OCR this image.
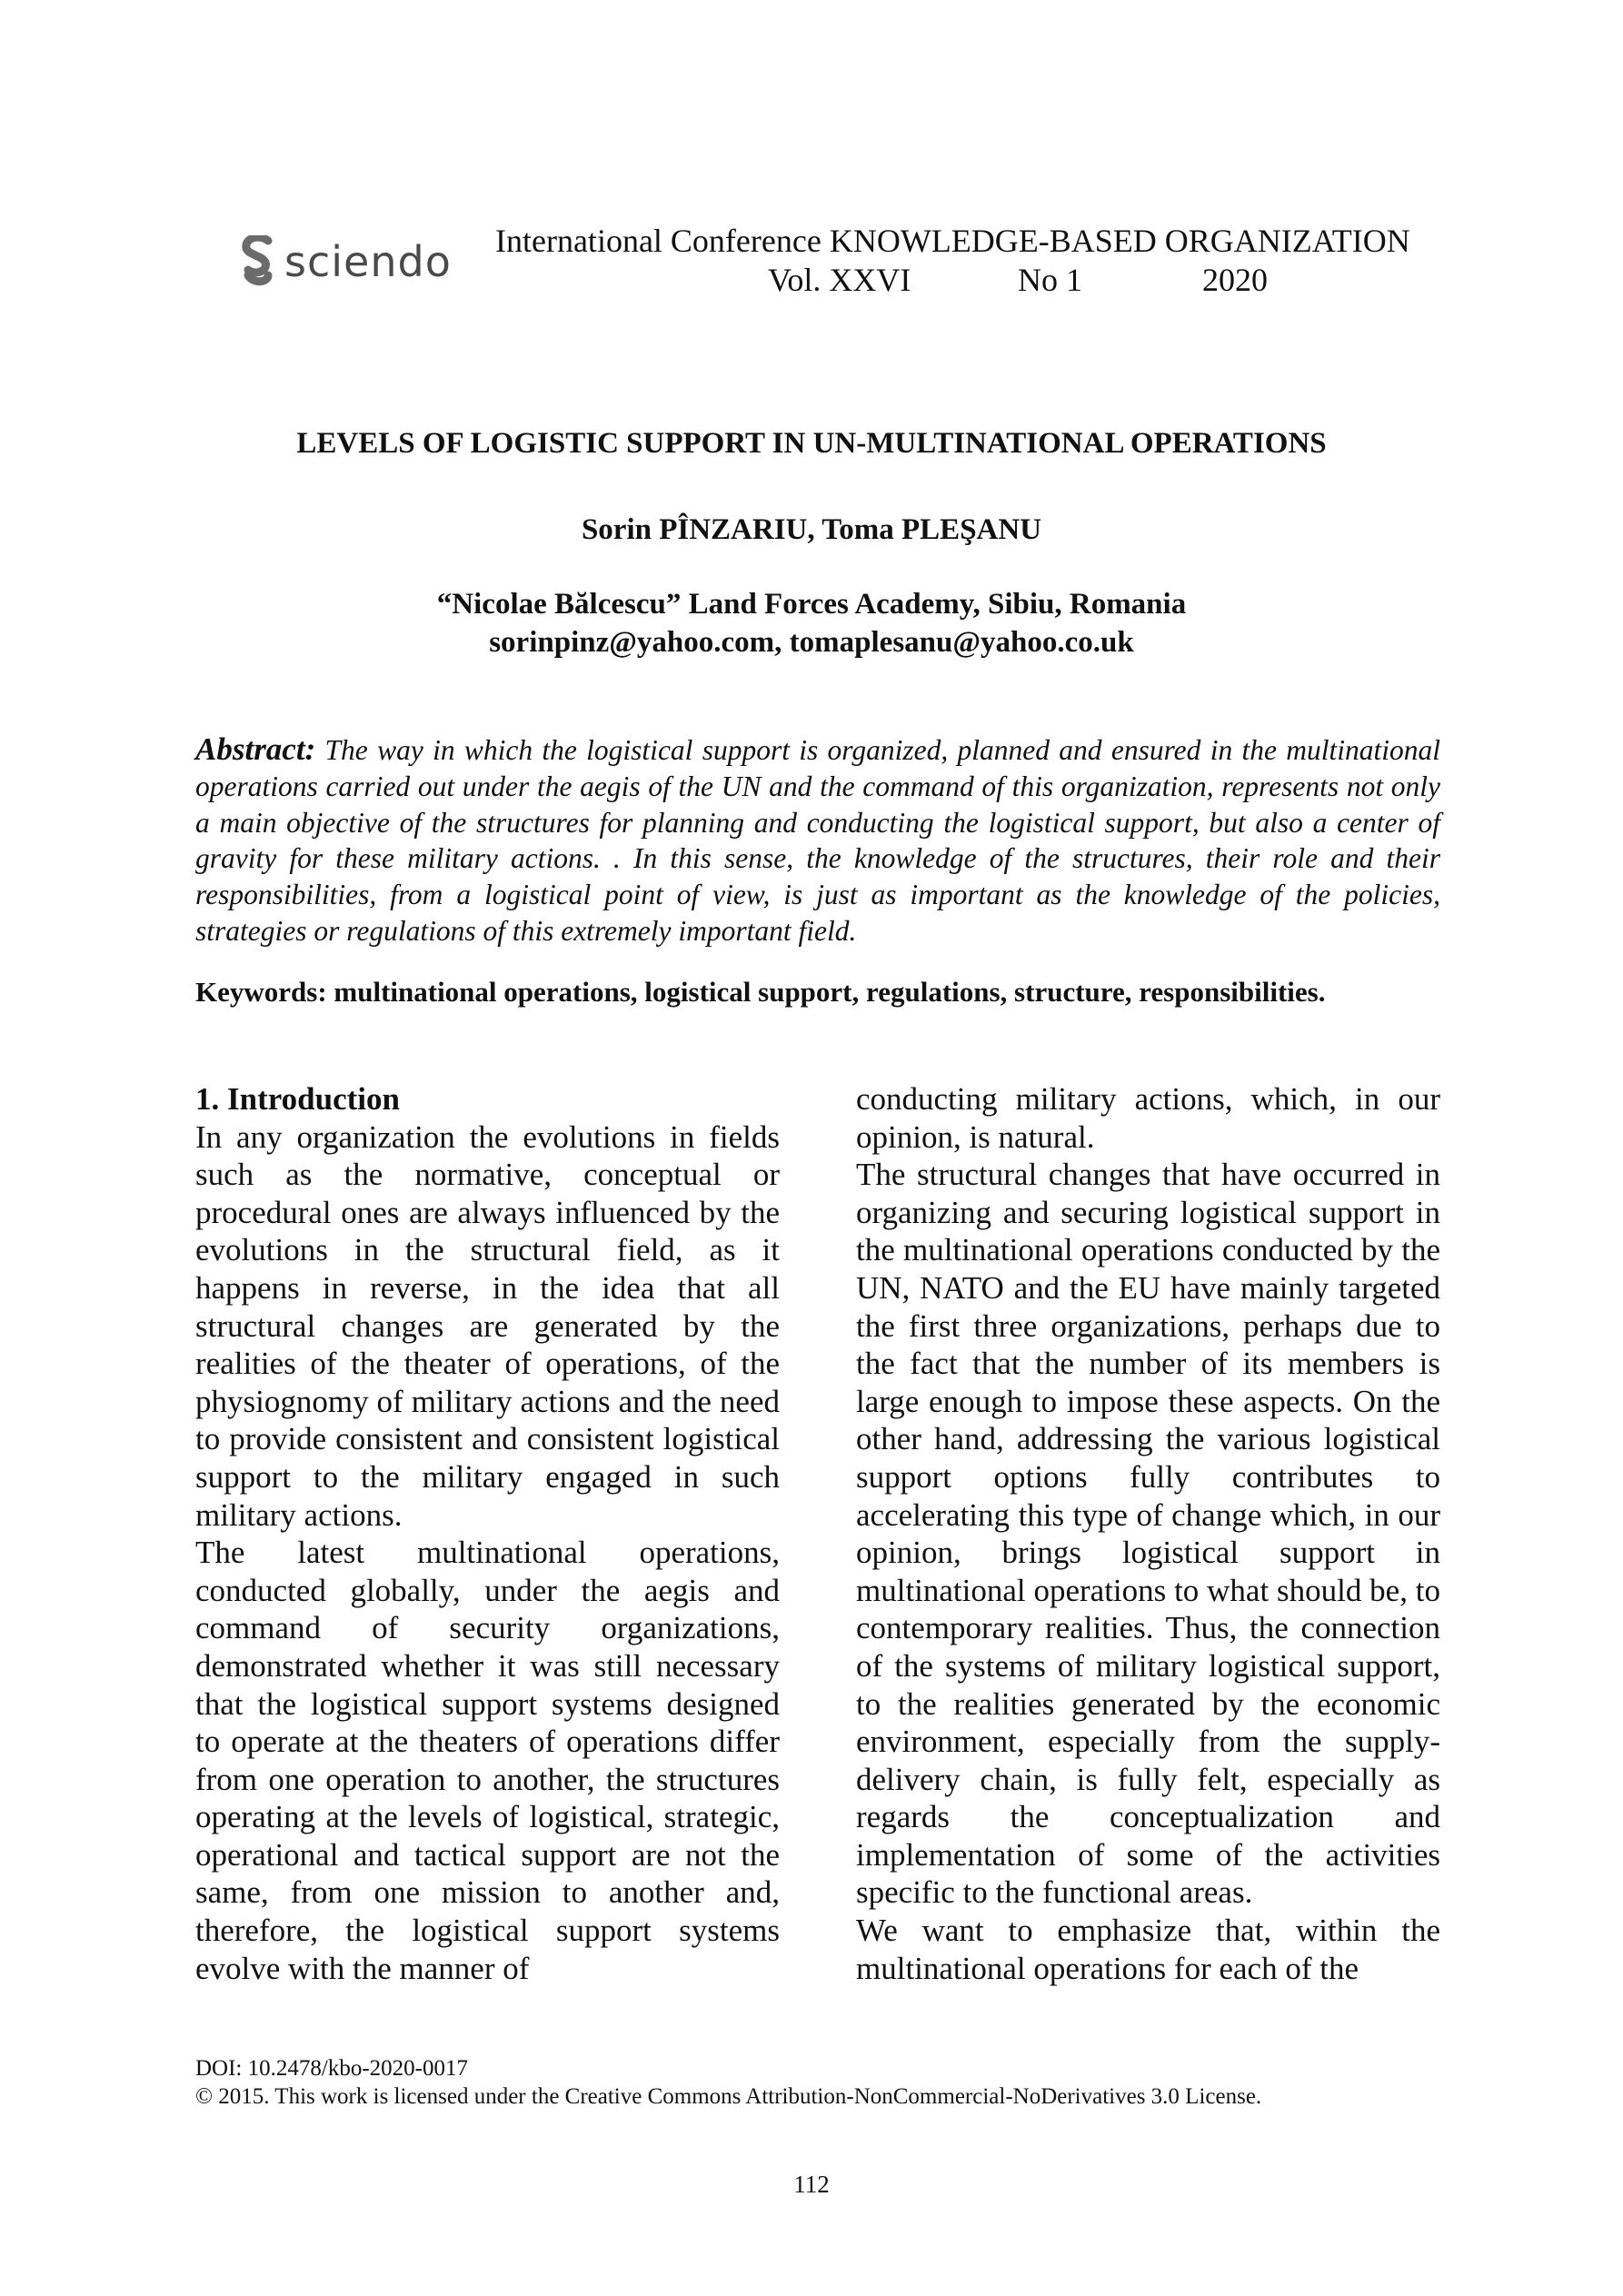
sciendo International Conference KNOWLEDGE-BASED ORGANIZATION
Vol. XXVI	No 1	2020
LEVELS OF LOGISTIC SUPPORT IN UN-MULTINATIONAL OPERATIONS
Sorin PÎNZARIU, Toma PLEŞANU
“Nicolae Bălcescu” Land Forces Academy, Sibiu, Romania
sorinpinz@yahoo.com, tomaplesanu@yahoo.co.uk
Abstract: The way in which the logistical support is organized, planned and ensured in the multinational operations carried out under the aegis of the UN and the command of this organization, represents not only a main objective of the structures for planning and conducting the logistical support, but also a center of gravity for these military actions. . In this sense, the knowledge of the structures, their role and their responsibilities, from a logistical point of view, is just as important as the knowledge of the policies, strategies or regulations of this extremely important field.
Keywords: multinational operations, logistical support, regulations, structure, responsibilities.
1. Introduction

In any organization the evolutions in fields such as the normative, conceptual or procedural ones are always influenced by the evolutions in the structural field, as it happens in reverse, in the idea that all structural changes are generated by the realities of the theater of operations, of the physiognomy of military actions and the need to provide consistent and consistent logistical support to the military engaged in such military actions.

The latest multinational operations, conducted globally, under the aegis and command of security organizations, demonstrated whether it was still necessary that the logistical support systems designed to operate at the theaters of operations differ from one operation to another, the structures operating at the levels of logistical, strategic, operational and tactical support are not the same, from one mission to another and, therefore, the logistical support systems evolve with the manner of

conducting military actions, which, in our opinion, is natural.

The structural changes that have occurred in organizing and securing logistical support in the multinational operations conducted by the UN, NATO and the EU have mainly targeted the first three organizations, perhaps due to the fact that the number of its members is large enough to impose these aspects. On the other hand, addressing the various logistical support options fully contributes to accelerating this type of change which, in our opinion, brings logistical support in multinational operations to what should be, to contemporary realities. Thus, the connection of the systems of military logistical support, to the realities generated by the economic environment, especially from the supply-delivery chain, is fully felt, especially as regards the conceptualization and implementation of some of the activities specific to the functional areas.

We want to emphasize that, within the multinational operations for each of the

DOI: 10.2478/kbo-2020-0017
© 2015. This work is licensed under the Creative Commons Attribution-NonCommercial-NoDerivatives 3.0 License.
112
